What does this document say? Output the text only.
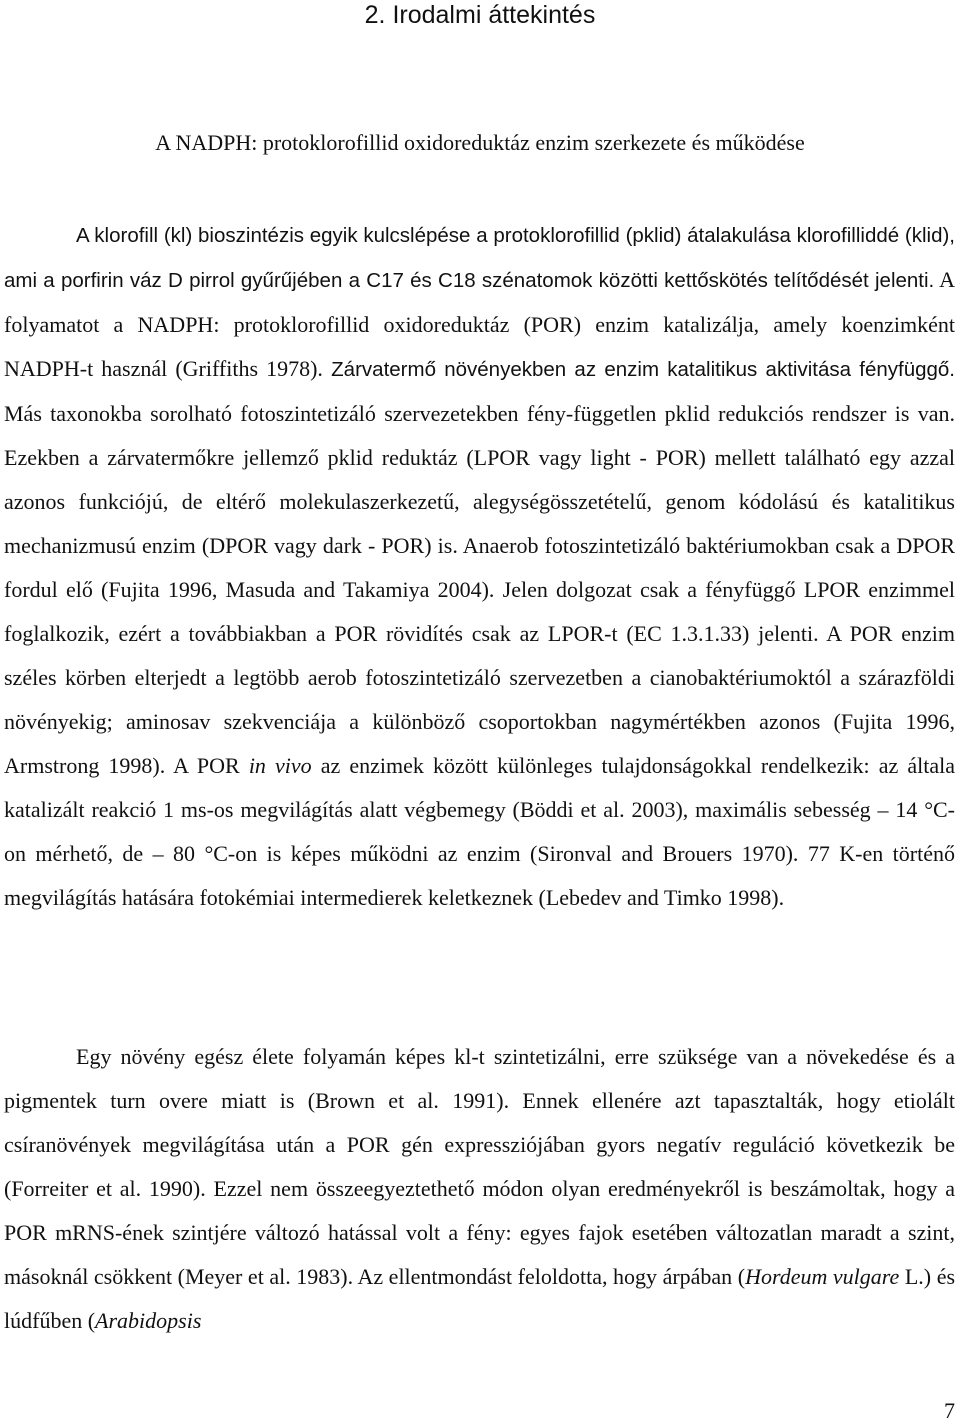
2. Irodalmi áttekintés
A NADPH: protoklorofillid oxidoreduktáz enzim szerkezete és működése

A klorofill (kl) bioszintézis egyik kulcslépése a protoklorofillid (pklid) átalakulása klorofilliddé (klid), ami a porfirin váz D pirrol gyűrűjében a C17 és C18 szénatomok közötti kettőskötés telítődését jelenti. A folyamatot a NADPH: protoklorofillid oxidoreduktáz (POR) enzim katalizálja, amely koenzimként NADPH-t használ (Griffiths 1978). Zárvatermő növényekben az enzim katalitikus aktivitása fényfüggő. Más taxonokba sorolható fotoszintetizáló szervezetekben fény-független pklid redukciós rendszer is van. Ezekben a zárvatermőkre jellemző pklid reduktáz (LPOR vagy light - POR) mellett található egy azzal azonos funkciójú, de eltérő molekulaszerkezetű, alegységösszetételű, genom kódolású és katalitikus mechanizmusú enzim (DPOR vagy dark - POR) is. Anaerob fotoszintetizáló baktériumokban csak a DPOR fordul elő (Fujita 1996, Masuda and Takamiya 2004). Jelen dolgozat csak a fényfüggő LPOR enzimmel foglalkozik, ezért a továbbiakban a POR rövidítés csak az LPOR-t (EC 1.3.1.33) jelenti. A POR enzim széles körben elterjedt a legtöbb aerob fotoszintetizáló szervezetben a cianobaktériumoktól a szárazföldi növényekig; aminosav szekvenciája a különböző csoportokban nagymértékben azonos (Fujita 1996, Armstrong 1998). A POR in vivo az enzimek között különleges tulajdonságokkal rendelkezik: az általa katalizált reakció 1 ms-os megvilágítás alatt végbemegy (Böddi et al. 2003), maximális sebesség – 14 °C-on mérhető, de – 80 °C-on is képes működni az enzim (Sironval and Brouers 1970). 77 K-en történő megvilágítás hatására fotokémiai intermedierek keletkeznek (Lebedev and Timko 1998).

Egy növény egész élete folyamán képes kl-t szintetizálni, erre szüksége van a növekedése és a pigmentek turn overe miatt is (Brown et al. 1991). Ennek ellenére azt tapasztalták, hogy etiolált csíranövények megvilágítása után a POR gén expressziójában gyors negatív reguláció következik be (Forreiter et al. 1990). Ezzel nem összeegyeztethető módon olyan eredményekről is beszámoltak, hogy a POR mRNS-ének szintjére változó hatással volt a fény: egyes fajok esetében változatlan maradt a szint, másoknál csökkent (Meyer et al. 1983). Az ellentmondást feloldotta, hogy árpában (Hordeum vulgare L.) és lúdfűben (Arabidopsis

7
